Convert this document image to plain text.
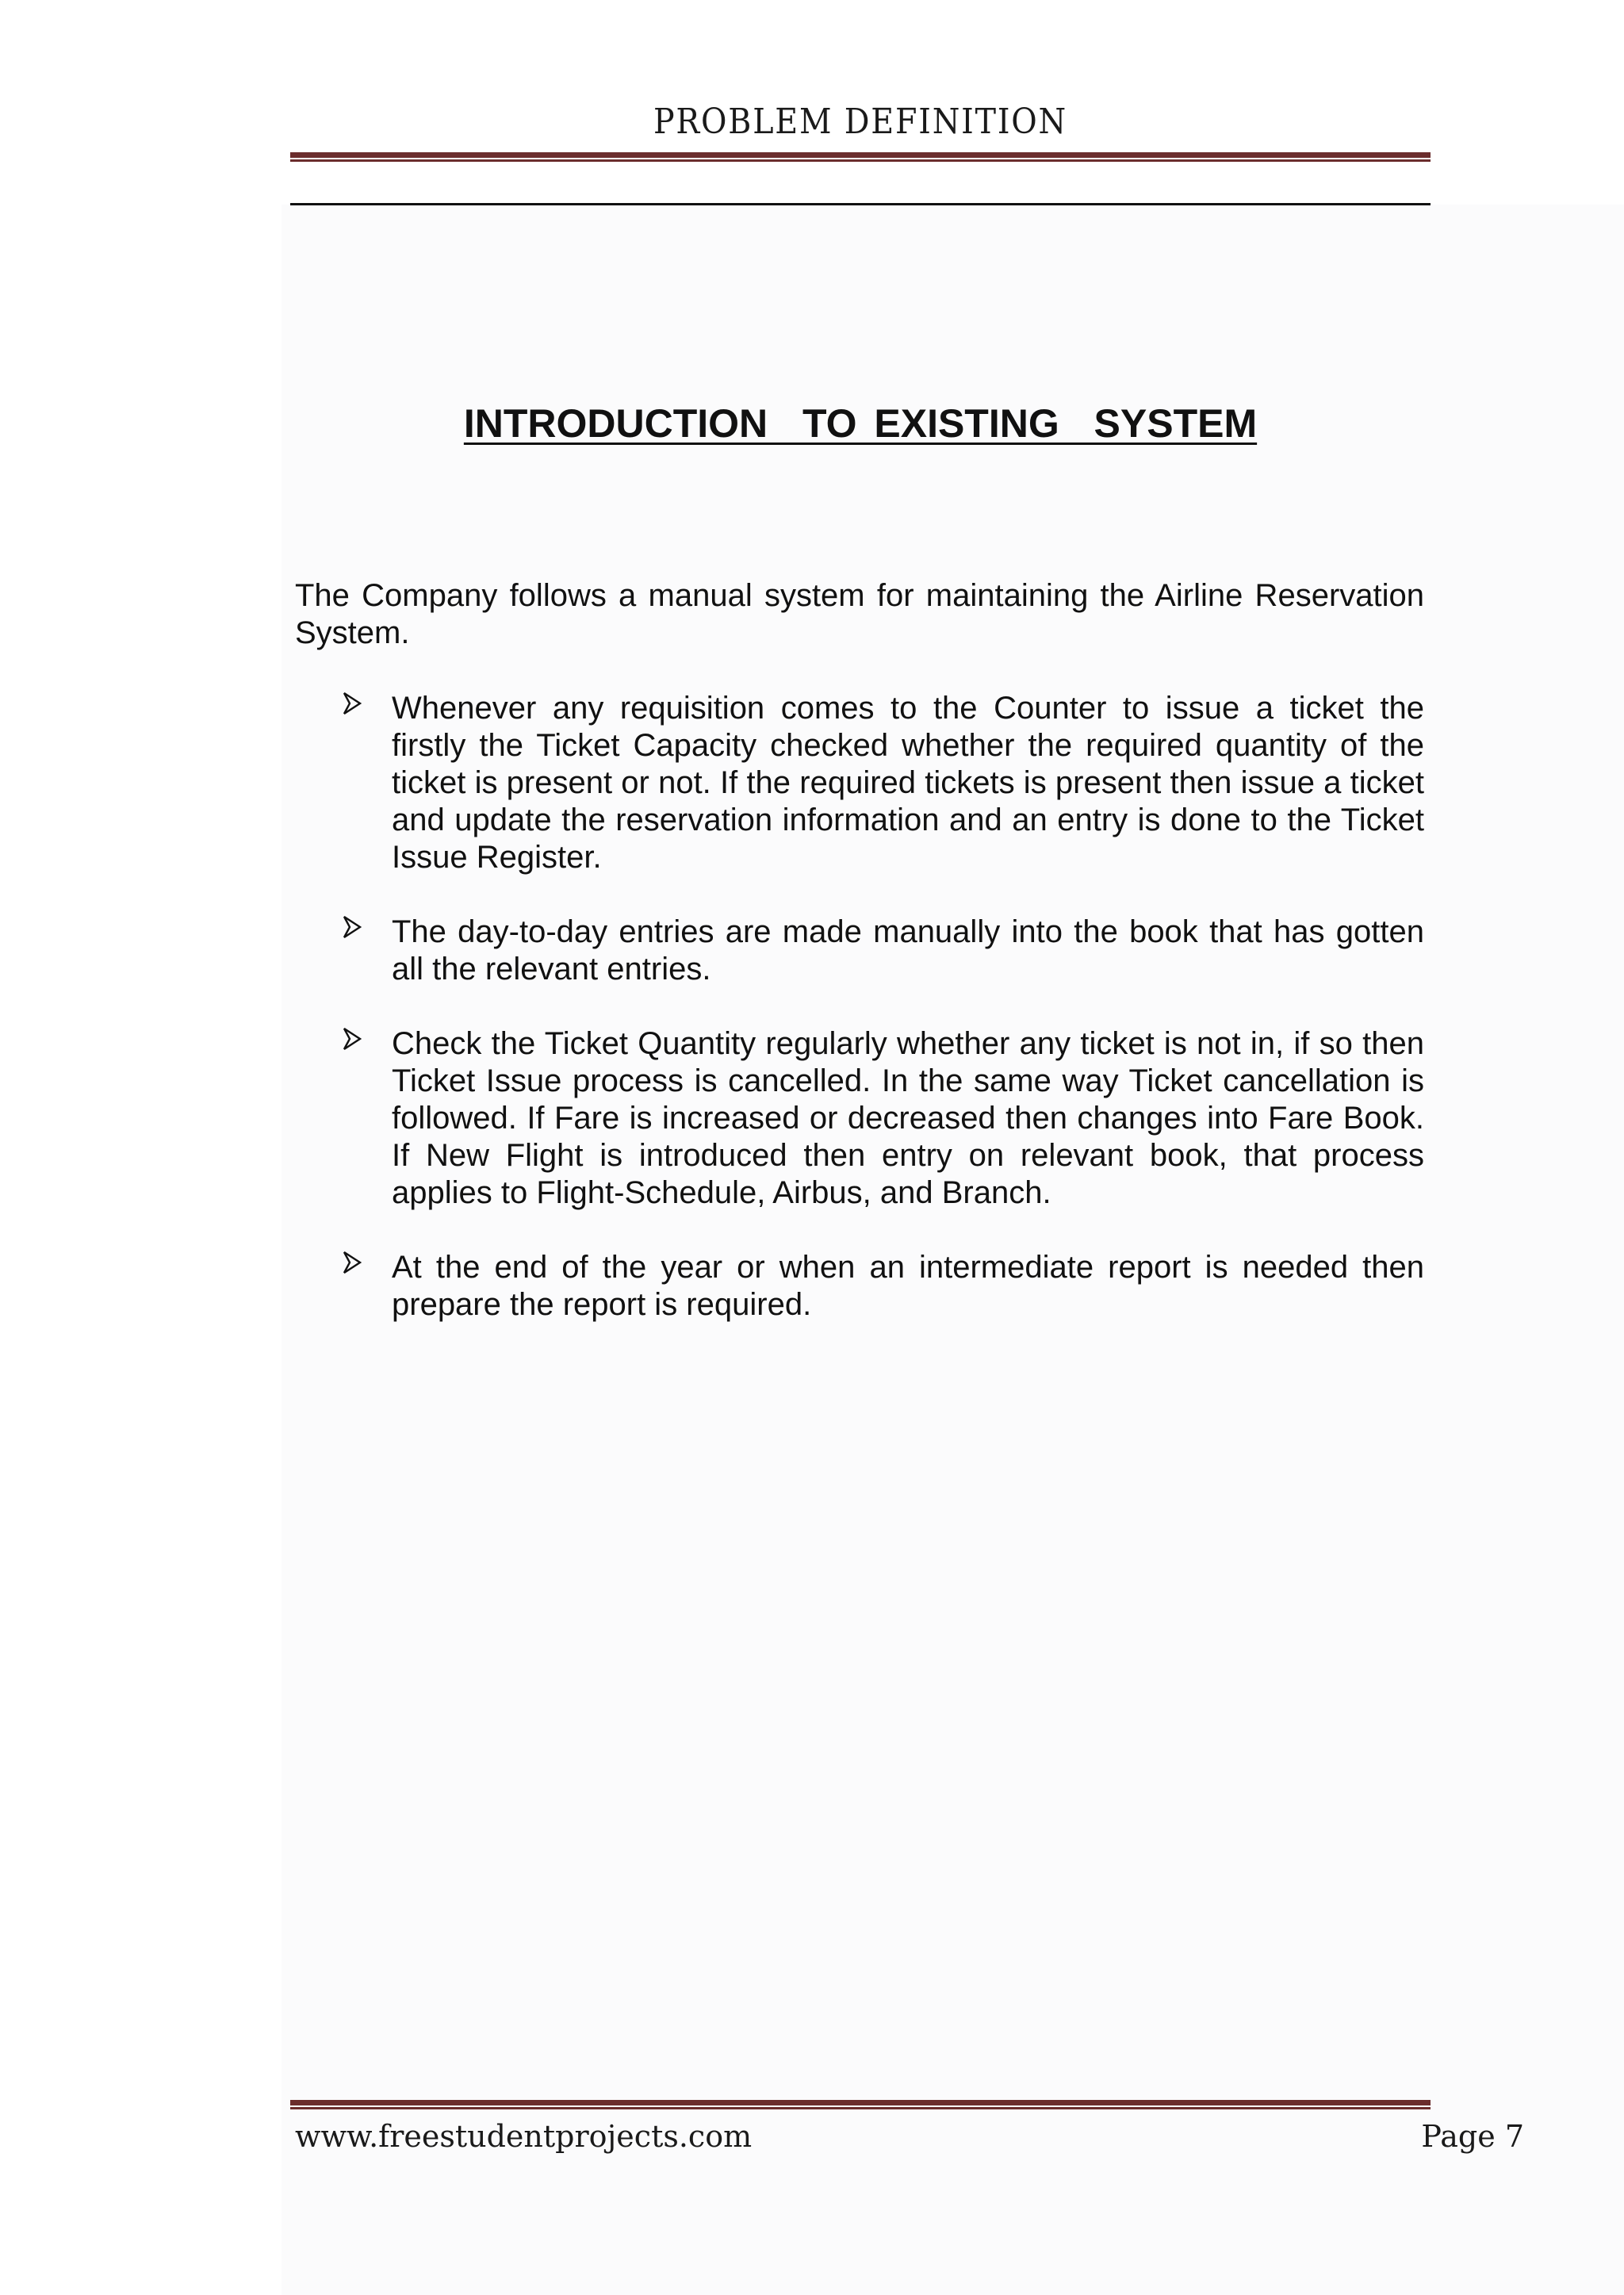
PROBLEM DEFINITION
INTRODUCTION  TO EXISTING  SYSTEM

The Company follows a manual system for maintaining the Airline Reservation System.

Whenever any requisition comes to the Counter to issue a ticket the firstly the Ticket Capacity checked whether the required quantity of the ticket is present or not. If the required tickets is present then issue a ticket and update the reservation information and an entry is done to the Ticket Issue Register.
The day-to-day entries are made manually into the book that has gotten all the relevant entries.
Check the Ticket Quantity regularly whether any ticket is not in, if so then Ticket Issue process is cancelled. In the same way Ticket cancellation is followed. If Fare is increased or decreased then changes into Fare Book. If New Flight is introduced then entry on relevant book, that process applies to Flight-Schedule, Airbus, and Branch.
At the end of the year or when an intermediate report is needed then prepare the report is required.
www.freestudentprojects.com	Page 7
